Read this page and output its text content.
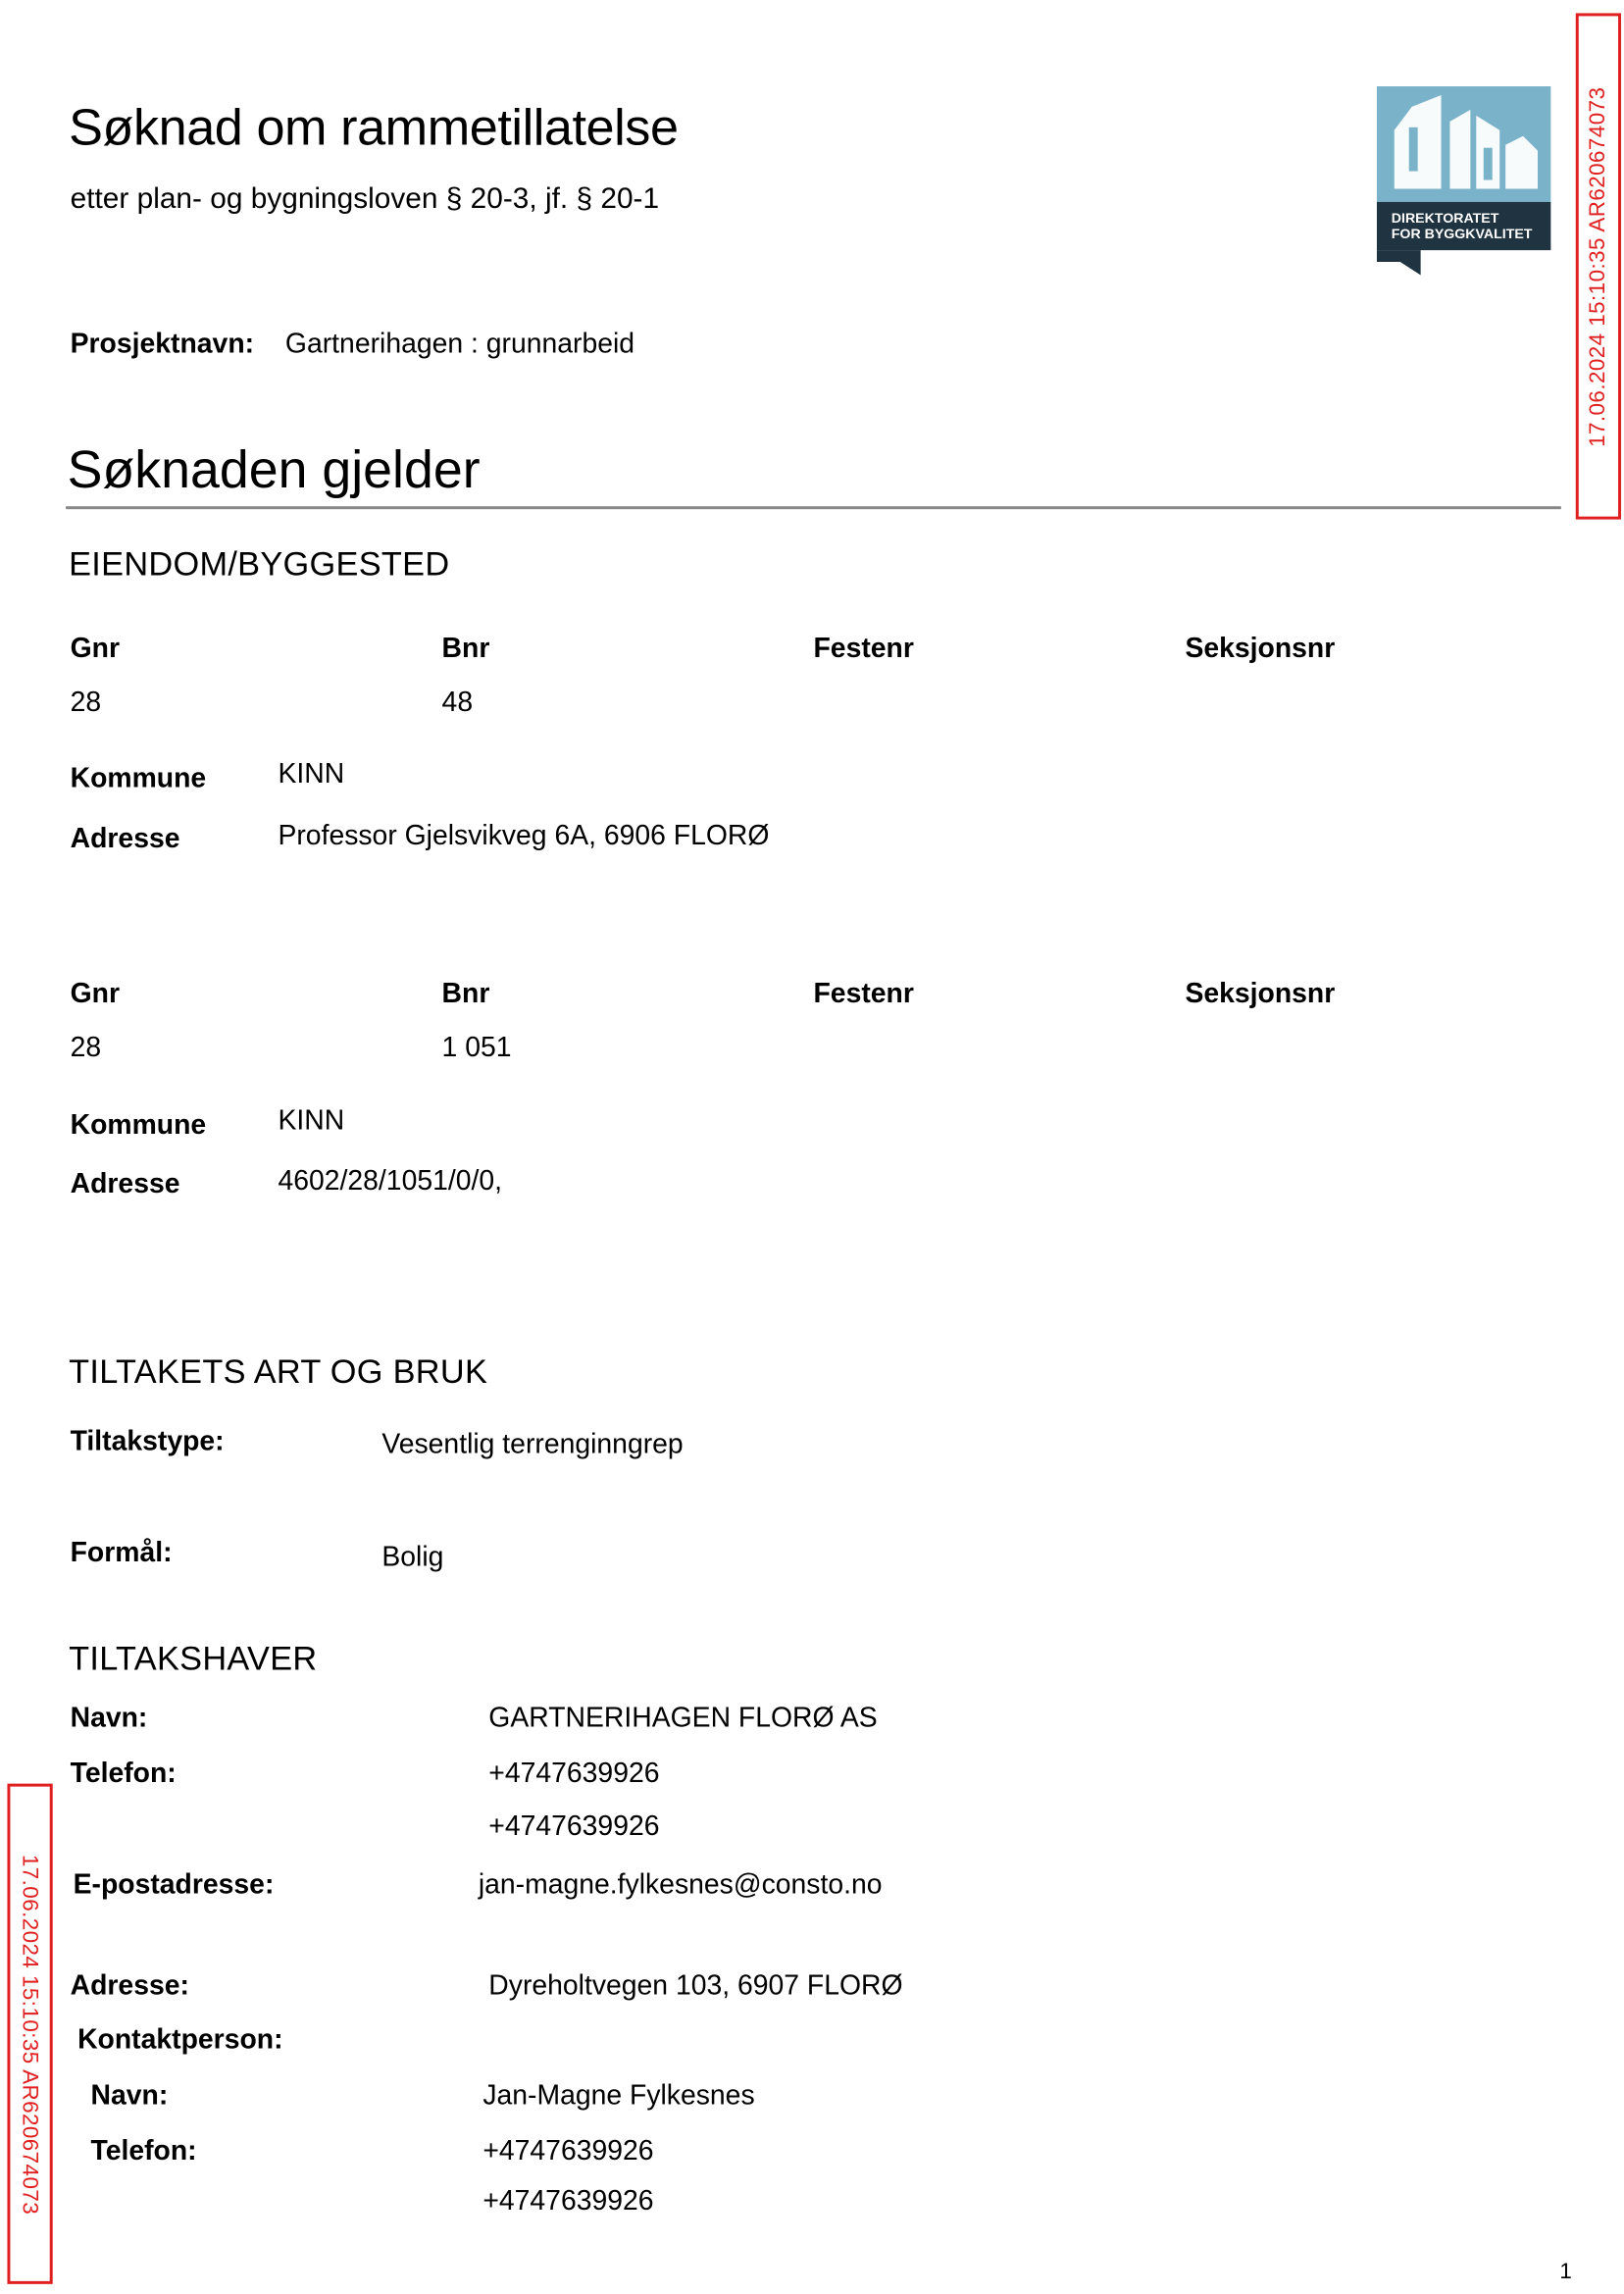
Søknad om rammetillatelse
etter plan- og bygningsloven § 20-3, jf. § 20-1
DIREKTORATET
FOR BYGGKVALITET
Prosjektnavn: Gartnerihagen : grunnarbeid
Søknaden gjelder
EIENDOM/BYGGESTED
Gnr	Bnr	Festenr	Seksjonsnr
28	48
Kommune	KINN
Adresse	Professor Gjelsvikveg 6A, 6906 FLORØ
Gnr	Bnr	Festenr	Seksjonsnr
28	1 051
Kommune	KINN
Adresse	4602/28/1051/0/0,
TILTAKETS ART OG BRUK
Tiltakstype:	Vesentlig terrenginngrep
Formål:	Bolig
TILTAKSHAVER
Navn:	GARTNERIHAGEN FLORØ AS
Telefon:	+4747639926
+4747639926
E-postadresse:	jan-magne.fylkesnes@consto.no
Adresse:	Dyreholtvegen 103, 6907 FLORØ
Kontaktperson:
Navn:	Jan-Magne Fylkesnes
Telefon:	+4747639926
+4747639926
1
17.06.2024 15:10:35 AR620674073
17.06.2024 15:10:35 AR620674073
